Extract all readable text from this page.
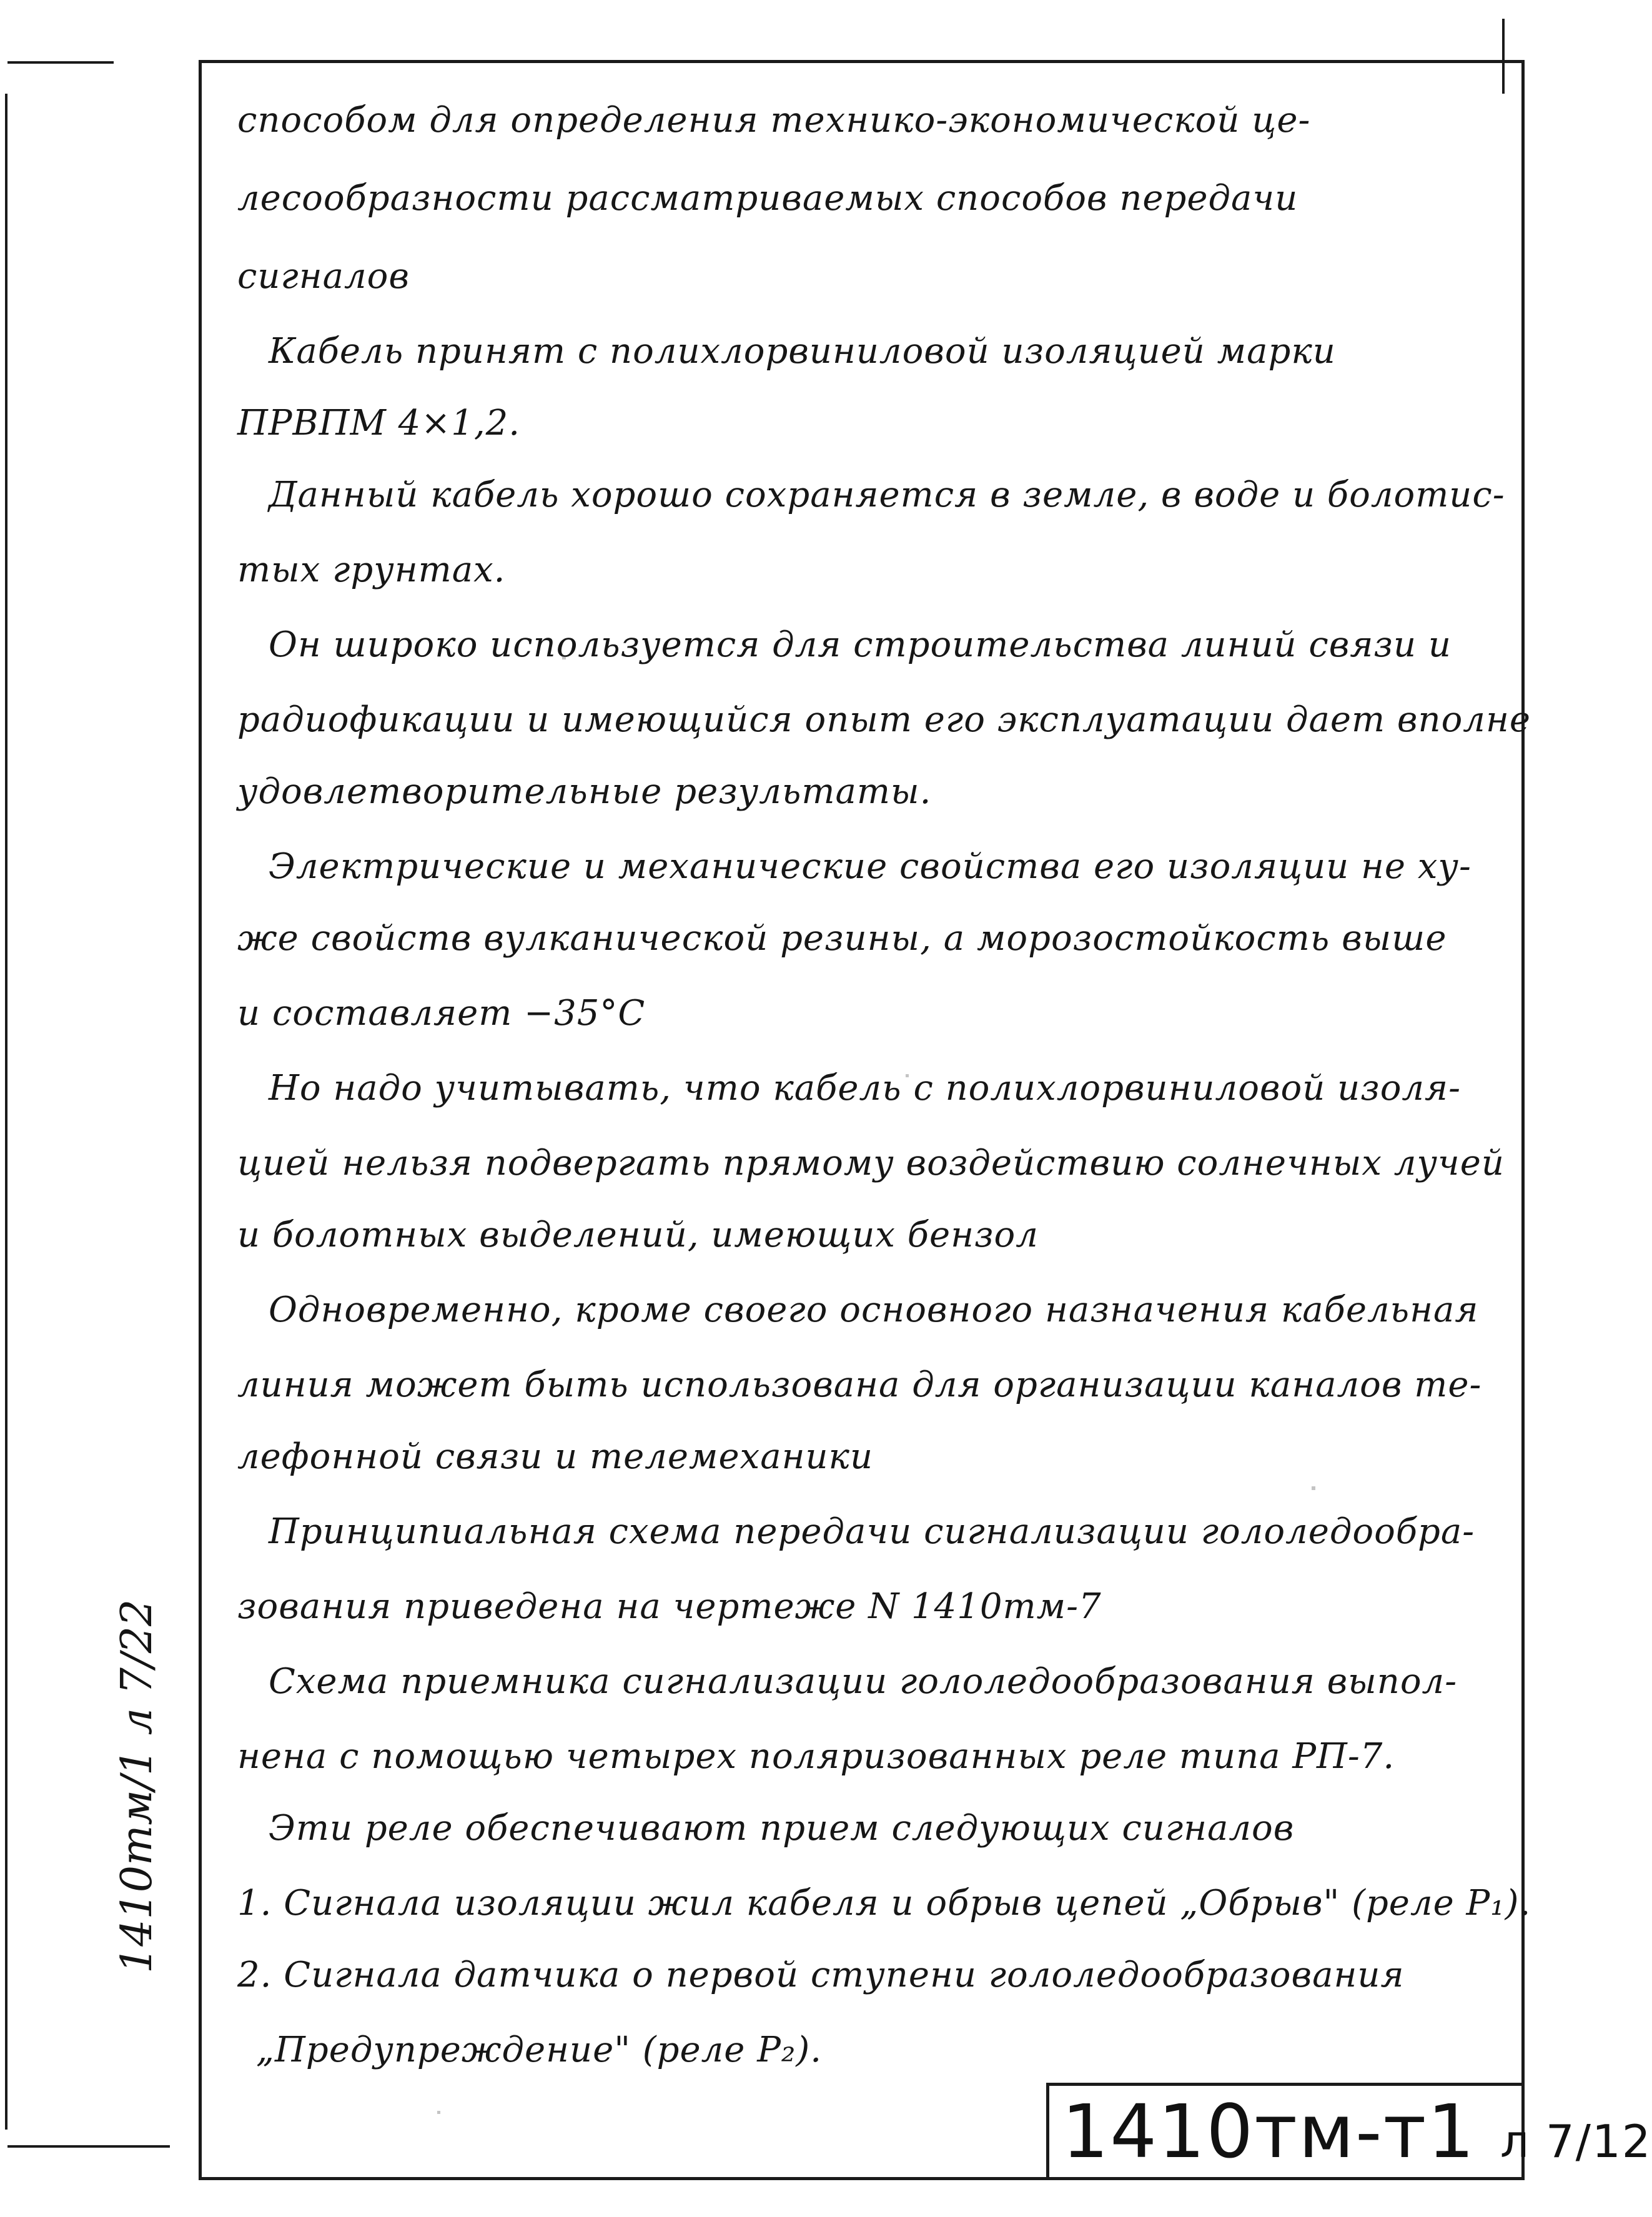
способом для определения технико-экономической це-
лесообразности рассматриваемых способов передачи
сигналов
Кабель принят с полихлорвиниловой изоляцией марки
ПРВПМ 4×1,2.
Данный кабель хорошо сохраняется в земле, в воде и болотис-
тых грунтах.
Он широко используется для строительства линий связи и
радиофикации и имеющийся опыт его эксплуатации дает вполне
удовлетворительные результаты.
Электрические и механические свойства его изоляции не ху-
же свойств вулканической резины, а морозостойкость выше
и составляет −35°С
Но надо учитывать, что кабель с полихлорвиниловой изоля-
цией нельзя подвергать прямому воздействию солнечных лучей
и болотных выделений, имеющих бензол
Одновременно, кроме своего основного назначения кабельная
линия может быть использована для организации каналов те-
лефонной связи и телемеханики
Принципиальная схема передачи сигнализации гололедообра-
зования приведена на чертеже N 1410тм-7
Схема приемника сигнализации гололедообразования выпол-
нена с помощью четырех поляризованных реле типа РП-7.
Эти реле обеспечивают прием следующих сигналов
1. Сигнала изоляции жил кабеля и обрыв цепей „Обрыв" (реле P₁).
2. Сигнала датчика о первой ступени гололедообразования
„Предупреждение" (реле P₂).
1410тм/1 л 7/22
1410тм-т1 л 7/12
